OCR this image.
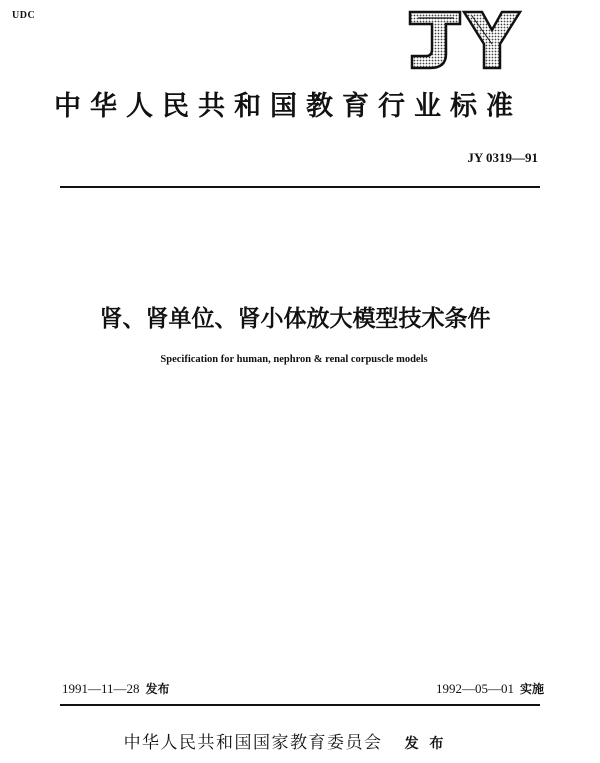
UDC
中华人民共和国教育行业标准
JY 0319—91
肾、肾单位、肾小体放大模型技术条件
Specification for human, nephron & renal corpuscle models
1991—11—28 发布	1992—05—01 实施
中华人民共和国国家教育委员会 发 布
